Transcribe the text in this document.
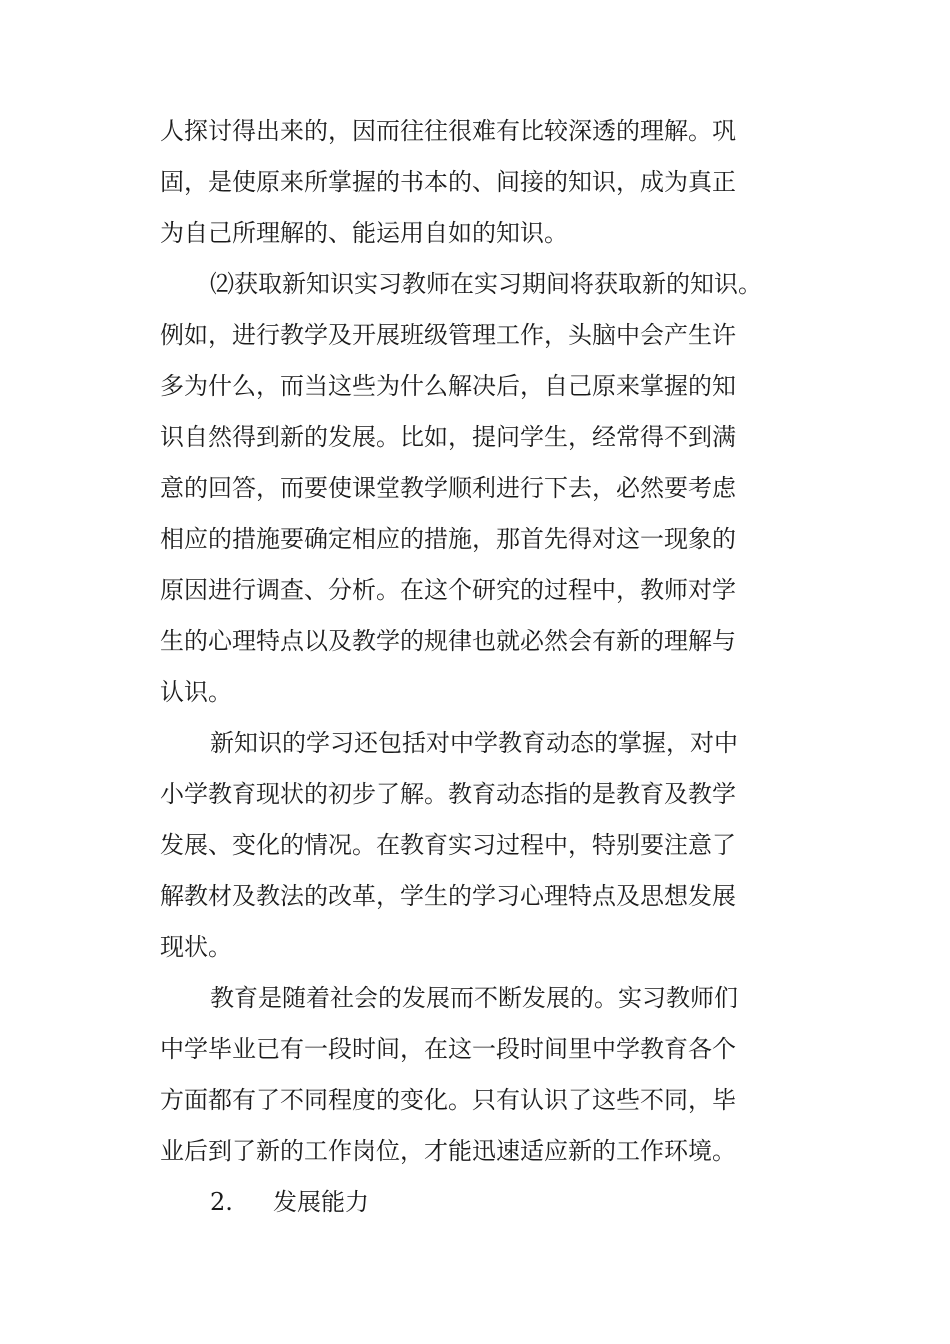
人探讨得出来的，因而往往很难有比较深透的理解。巩
固，是使原来所掌握的书本的、间接的知识，成为真正
为自己所理解的、能运用自如的知识。
⑵获取新知识实习教师在实习期间将获取新的知识。
例如，进行教学及开展班级管理工作，头脑中会产生许
多为什么，而当这些为什么解决后，自己原来掌握的知
识自然得到新的发展。比如，提问学生，经常得不到满
意的回答，而要使课堂教学顺利进行下去，必然要考虑
相应的措施要确定相应的措施，那首先得对这一现象的
原因进行调查、分析。在这个研究的过程中，教师对学
生的心理特点以及教学的规律也就必然会有新的理解与
认识。
新知识的学习还包括对中学教育动态的掌握，对中
小学教育现状的初步了解。教育动态指的是教育及教学
发展、变化的情况。在教育实习过程中，特别要注意了
解教材及教法的改革，学生的学习心理特点及思想发展
现状。
教育是随着社会的发展而不断发展的。实习教师们
中学毕业已有一段时间，在这一段时间里中学教育各个
方面都有了不同程度的变化。只有认识了这些不同，毕
业后到了新的工作岗位，才能迅速适应新的工作环境。
2. 发展能力
